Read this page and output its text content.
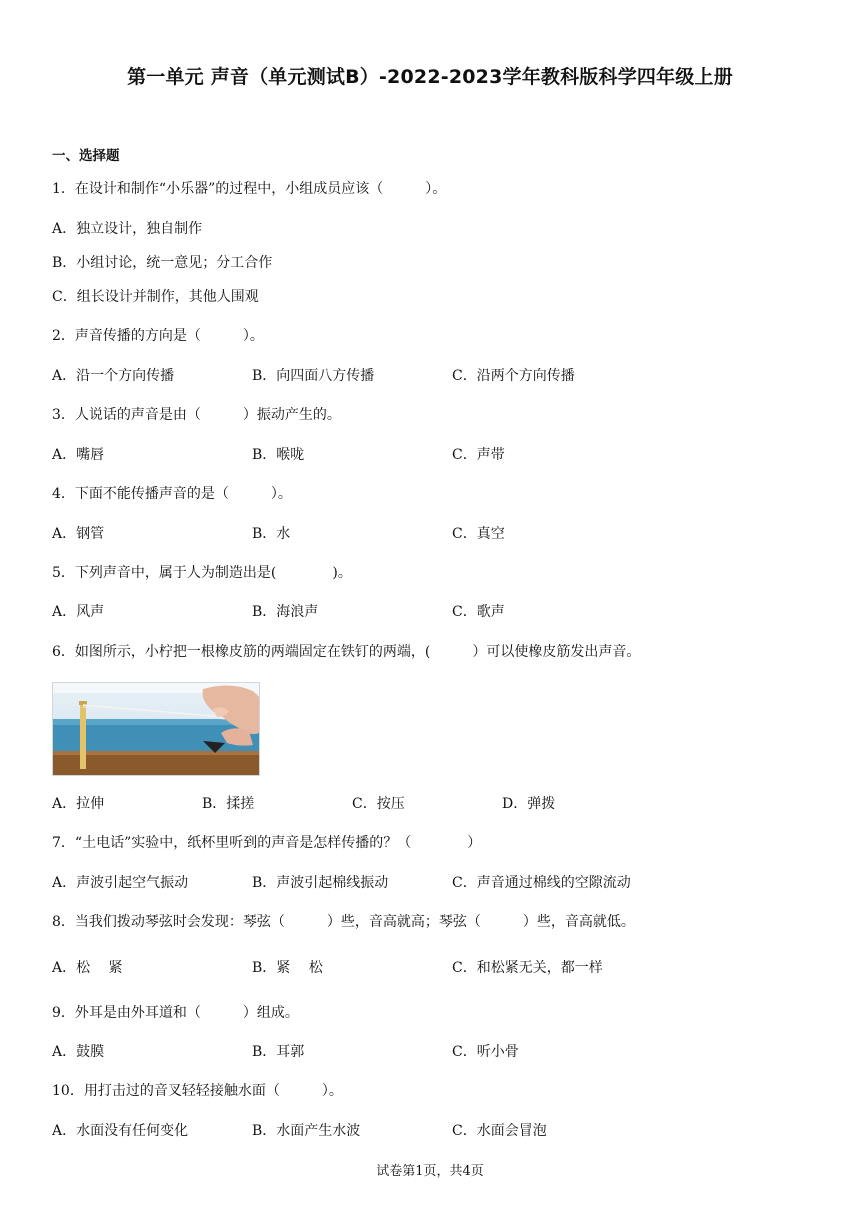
第一单元 声音（单元测试B）-2022-2023学年教科版科学四年级上册
一、选择题
1．在设计和制作“小乐器”的过程中，小组成员应该（　　　）。
A．独立设计，独自制作
B．小组讨论，统一意见；分工合作
C．组长设计并制作，其他人围观
2．声音传播的方向是（　　　）。
A．沿一个方向传播	B．向四面八方传播	C．沿两个方向传播
3．人说话的声音是由（　　　）振动产生的。
A．嘴唇	B．喉咙	C．声带
4．下面不能传播声音的是（　　　）。
A．钢管	B．水	C．真空
5．下列声音中，属于人为制造出是(　　　　)。
A．风声	B．海浪声	C．歌声
6．如图所示，小柠把一根橡皮筋的两端固定在铁钉的两端，(　　　）可以使橡皮筋发出声音。
A．拉伸	B．揉搓	C．按压	D．弹拨
7．“土电话”实验中，纸杯里听到的声音是怎样传播的？（　　　　）
A．声波引起空气振动	B．声波引起棉线振动	C．声音通过棉线的空隙流动
8．当我们拨动琴弦时会发现：琴弦（　　　）些，音高就高；琴弦（　　　）些，音高就低。
A．松　 紧	B．紧　 松	C．和松紧无关，都一样
9．外耳是由外耳道和（　　　）组成。
A．鼓膜	B．耳郭	C．听小骨
10．用打击过的音叉轻轻接触水面（　　　）。
A．水面没有任何变化	B．水面产生水波	C．水面会冒泡
试卷第1页，共4页
